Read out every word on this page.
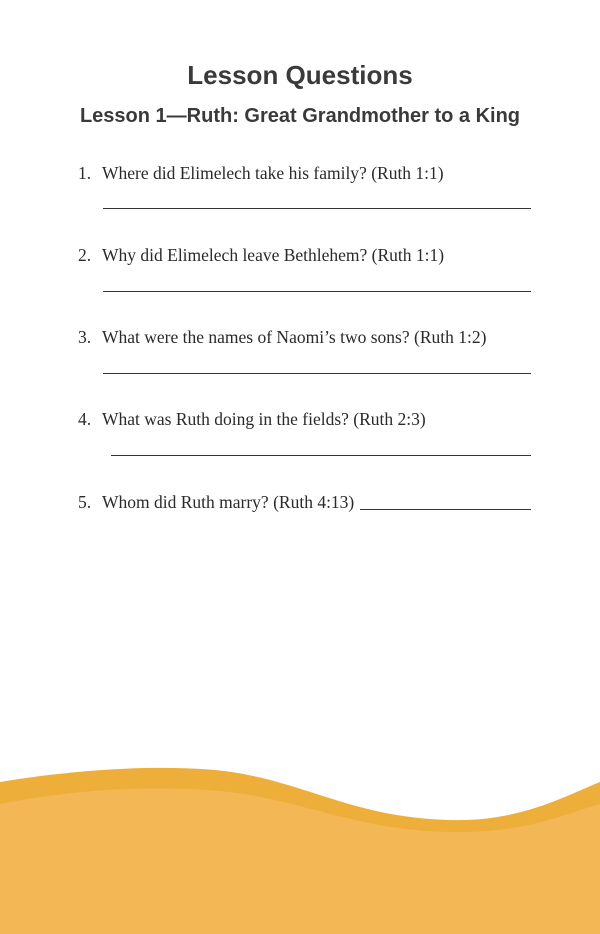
Lesson Questions
Lesson 1—Ruth: Great Grandmother to a King
1. Where did Elimelech take his family? (Ruth 1:1)
2. Why did Elimelech leave Bethlehem? (Ruth 1:1)
3. What were the names of Naomi’s two sons? (Ruth 1:2)
4. What was Ruth doing in the fields? (Ruth 2:3)
5. Whom did Ruth marry? (Ruth 4:13)
